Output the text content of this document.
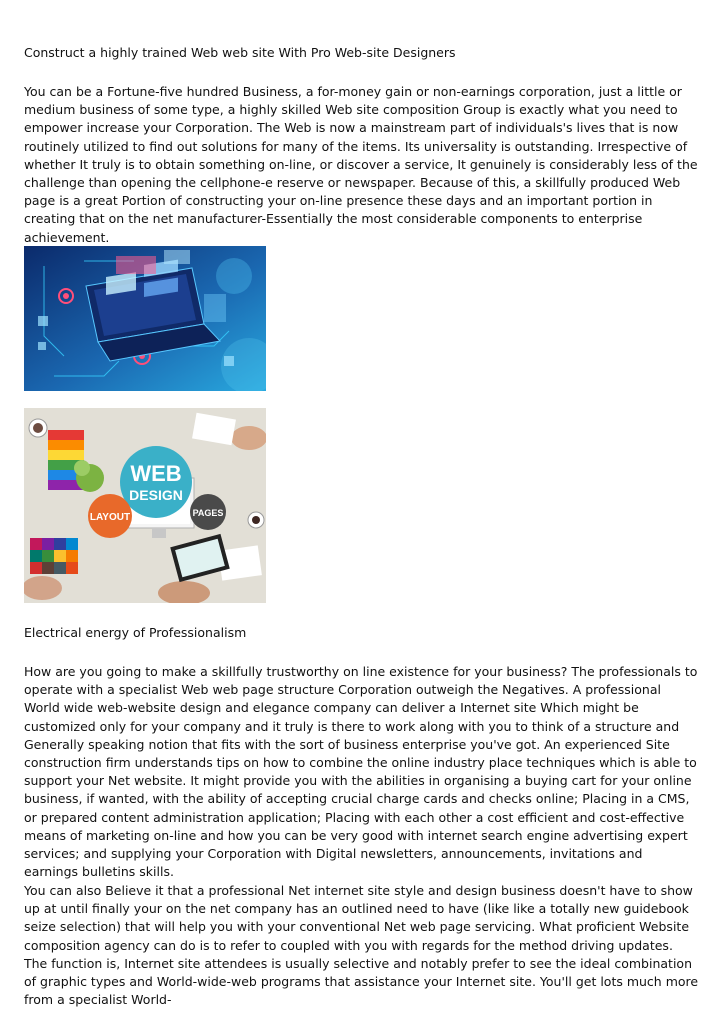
Construct a highly trained Web web site With Pro Web-site Designers

You can be a Fortune-five hundred Business, a for-money gain or non-earnings corporation, just a little or medium business of some type, a highly skilled Web site composition Group is exactly what you need to empower increase your Corporation. The Web is now a mainstream part of individuals's lives that is now routinely utilized to find out solutions for many of the items. Its universality is outstanding. Irrespective of whether It truly is to obtain something on-line, or discover a service, It genuinely is considerably less of the challenge than opening the cellphone-e reserve or newspaper. Because of this, a skillfully produced Web page is a great Portion of constructing your on-line presence these days and an important portion in creating that on the net manufacturer-Essentially the most considerable components to enterprise achievement.

WEB
DESIGN
LAYOUT	PAGES
Electrical energy of Professionalism

How are you going to make a skillfully trustworthy on line existence for your business? The professionals to operate with a specialist Web web page structure Corporation outweigh the Negatives. A professional World wide web-website design and elegance company can deliver a Internet site Which might be customized only for your company and it truly is there to work along with you to think of a structure and Generally speaking notion that fits with the sort of business enterprise you've got. An experienced Site construction firm understands tips on how to combine the online industry place techniques which is able to support your Net website. It might provide you with the abilities in organising a buying cart for your online business, if wanted, with the ability of accepting crucial charge cards and checks online; Placing in a CMS, or prepared content administration application; Placing with each other a cost efficient and cost-effective means of marketing on-line and how you can be very good with internet search engine advertising expert services; and supplying your Corporation with Digital newsletters, announcements, invitations and earnings bulletins skills.

You can also Believe it that a professional Net internet site style and design business doesn't have to show up at until finally your on the net company has an outlined need to have (like like a totally new guidebook seize selection) that will help you with your conventional Net web page servicing. What proficient Website composition agency can do is to refer to coupled with you with regards for the method driving updates. The function is, Internet site attendees is usually selective and notably prefer to see the ideal combination of graphic types and World-wide-web programs that assistance your Internet site. You'll get lots much more from a specialist World-
